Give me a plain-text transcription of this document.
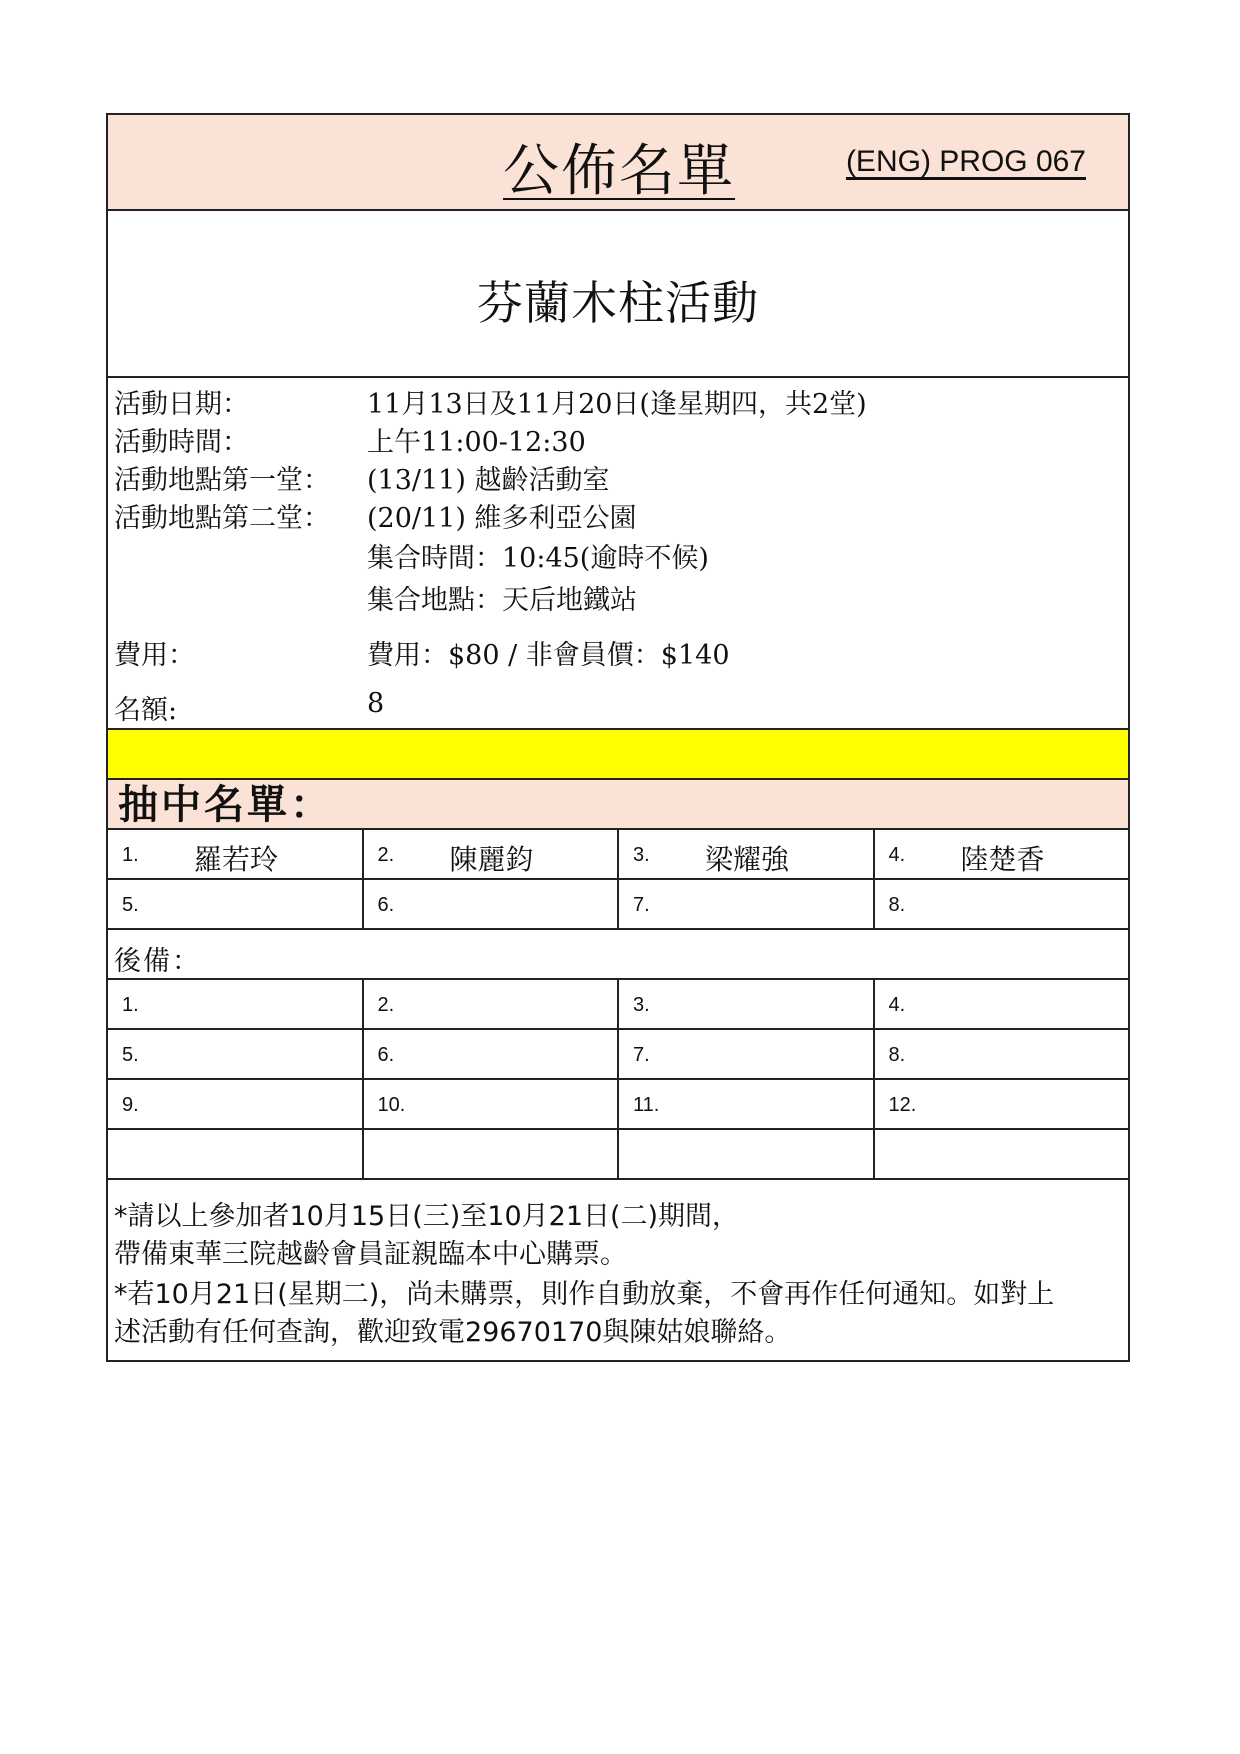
公佈名單	(ENG) PROG 067
芬蘭木柱活動
活動日期：	11月13日及11月20日(逢星期四，共2堂)
活動時間：	上午11:00-12:30
活動地點第一堂： (13/11) 越齡活動室
活動地點第二堂： (20/11) 維多利亞公園
集合時間：10:45(逾時不候)
集合地點：天后地鐵站
費用：	費用：$80 / 非會員價：$140
名額:	8
抽中名單：
1. 羅若玲	2. 陳麗鈞	3. 梁耀強	4. 陸楚香
5.	6.	7.	8.
後備：
1.	2.	3.	4.
5.	6.	7.	8.
9.	10.	11.	12.
*請以上參加者10月15日(三)至10月21日(二)期間，
帶備東華三院越齡會員証親臨本中心購票。
*若10月21日(星期二)，尚未購票，則作自動放棄，不會再作任何通知。如對上
述活動有任何查詢，歡迎致電29670170與陳姑娘聯絡。
